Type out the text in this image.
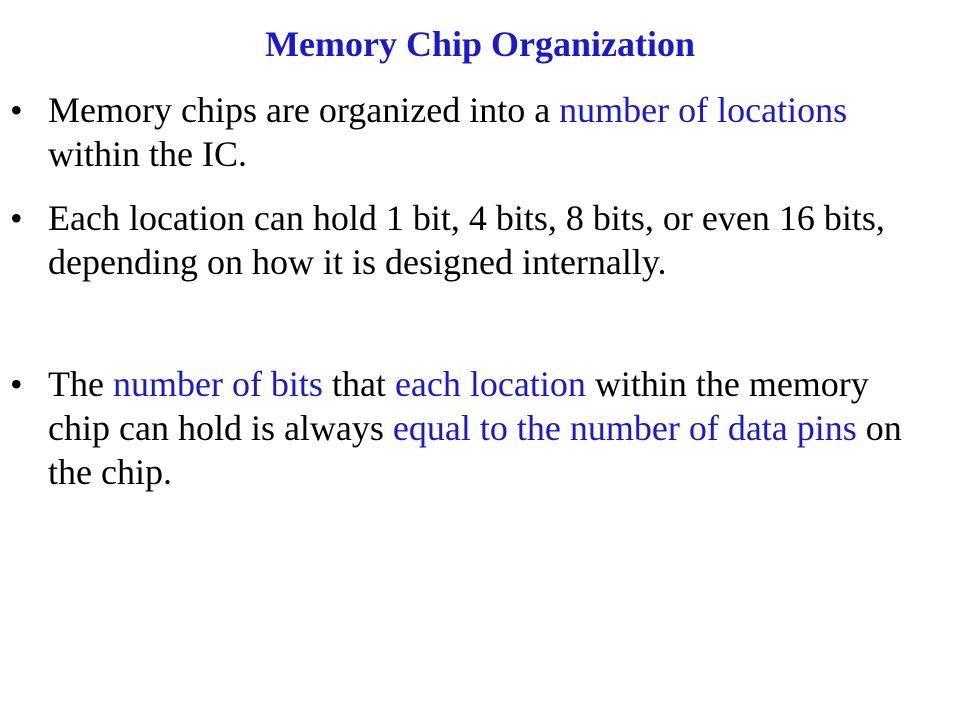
Memory Chip Organization
• Memory chips are organized into a number of locations within the IC.
• Each location can hold 1 bit, 4 bits, 8 bits, or even 16 bits, depending on how it is designed internally.
• The number of bits that each location within the memory chip can hold is always equal to the number of data pins on the chip.
